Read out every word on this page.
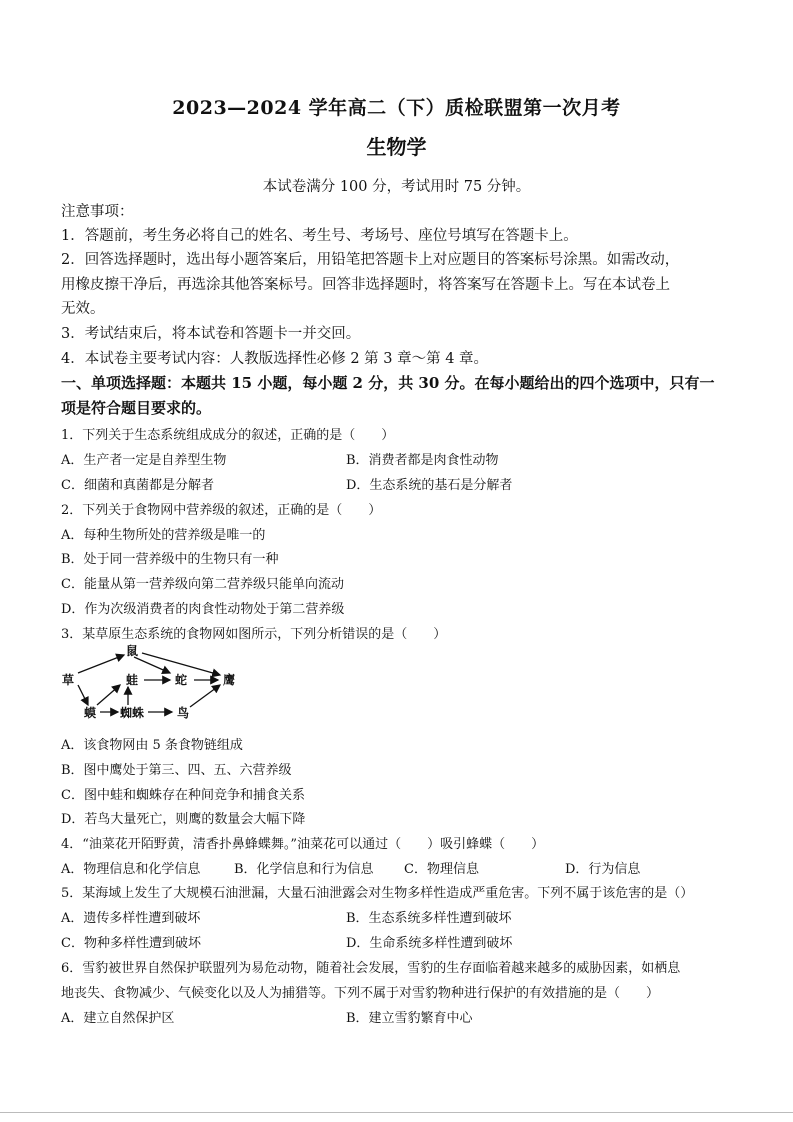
2023—2024 学年高二（下）质检联盟第一次月考
生物学
本试卷满分 100 分，考试用时 75 分钟。
注意事项：
1．答题前，考生务必将自己的姓名、考生号、考场号、座位号填写在答题卡上。
2．回答选择题时，选出每小题答案后，用铅笔把答题卡上对应题目的答案标号涂黑。如需改动，
用橡皮擦干净后，再选涂其他答案标号。回答非选择题时，将答案写在答题卡上。写在本试卷上
无效。
3．考试结束后，将本试卷和答题卡一并交回。
4．本试卷主要考试内容：人教版选择性必修 2 第 3 章～第 4 章。
一、单项选择题：本题共 15 小题，每小题 2 分，共 30 分。在每小题给出的四个选项中，只有一
项是符合题目要求的。
1．下列关于生态系统组成成分的叙述，正确的是（　　）
A．生产者一定是自养型生物	B．消费者都是肉食性动物
C．细菌和真菌都是分解者	D．生态系统的基石是分解者
2．下列关于食物网中营养级的叙述，正确的是（　　）
A．每种生物所处的营养级是唯一的
B．处于同一营养级中的生物只有一种
C．能量从第一营养级向第二营养级只能单向流动
D．作为次级消费者的肉食性动物处于第二营养级
3．某草原生态系统的食物网如图所示，下列分析错误的是（　　）
草
鼠
蛙	蛇	鹰
蟆 蜘蛛	鸟
A．该食物网由 5 条食物链组成
B．图中鹰处于第三、四、五、六营养级
C．图中蛙和蜘蛛存在种间竞争和捕食关系
D．若鸟大量死亡，则鹰的数量会大幅下降
4．“油菜花开陌野黄，清香扑鼻蜂蝶舞。”油菜花可以通过（　　）吸引蜂蝶（　　）
A．物理信息和化学信息	B．化学信息和行为信息 C．物理信息	D．行为信息
5．某海域上发生了大规模石油泄漏，大量石油泄露会对生物多样性造成严重危害。下列不属于该危害的是（）
A．遗传多样性遭到破坏	B．生态系统多样性遭到破坏
C．物种多样性遭到破坏	D．生命系统多样性遭到破坏
6．雪豹被世界自然保护联盟列为易危动物，随着社会发展，雪豹的生存面临着越来越多的威胁因素，如栖息
地丧失、食物减少、气候变化以及人为捕猎等。下列不属于对雪豹物种进行保护的有效措施的是（　　）
A．建立自然保护区	B．建立雪豹繁育中心
